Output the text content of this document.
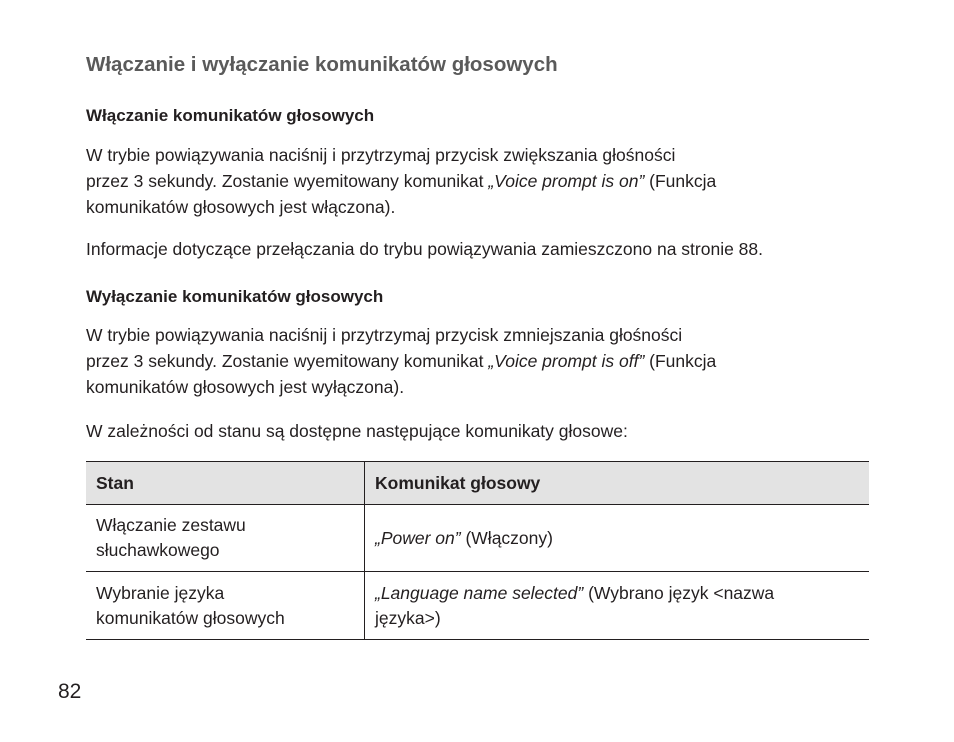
Włączanie i wyłączanie komunikatów głosowych
Włączanie komunikatów głosowych

W trybie powiązywania naciśnij i przytrzymaj przycisk zwiększania głośności
przez 3 sekundy. Zostanie wyemitowany komunikat „Voice prompt is on” (Funkcja
komunikatów głosowych jest włączona).

Informacje dotyczące przełączania do trybu powiązywania zamieszczono na stronie 88.

Wyłączanie komunikatów głosowych

W trybie powiązywania naciśnij i przytrzymaj przycisk zmniejszania głośności
przez 3 sekundy. Zostanie wyemitowany komunikat „Voice prompt is off” (Funkcja
komunikatów głosowych jest wyłączona).

W zależności od stanu są dostępne następujące komunikaty głosowe:

Stan	Komunikat głosowy

Włączanie zestawu
słuchawkowego	„Power on” (Włączony)

Wybranie języka
komunikatów głosowych	„Language name selected” (Wybrano język <nazwa
języka>)

82
